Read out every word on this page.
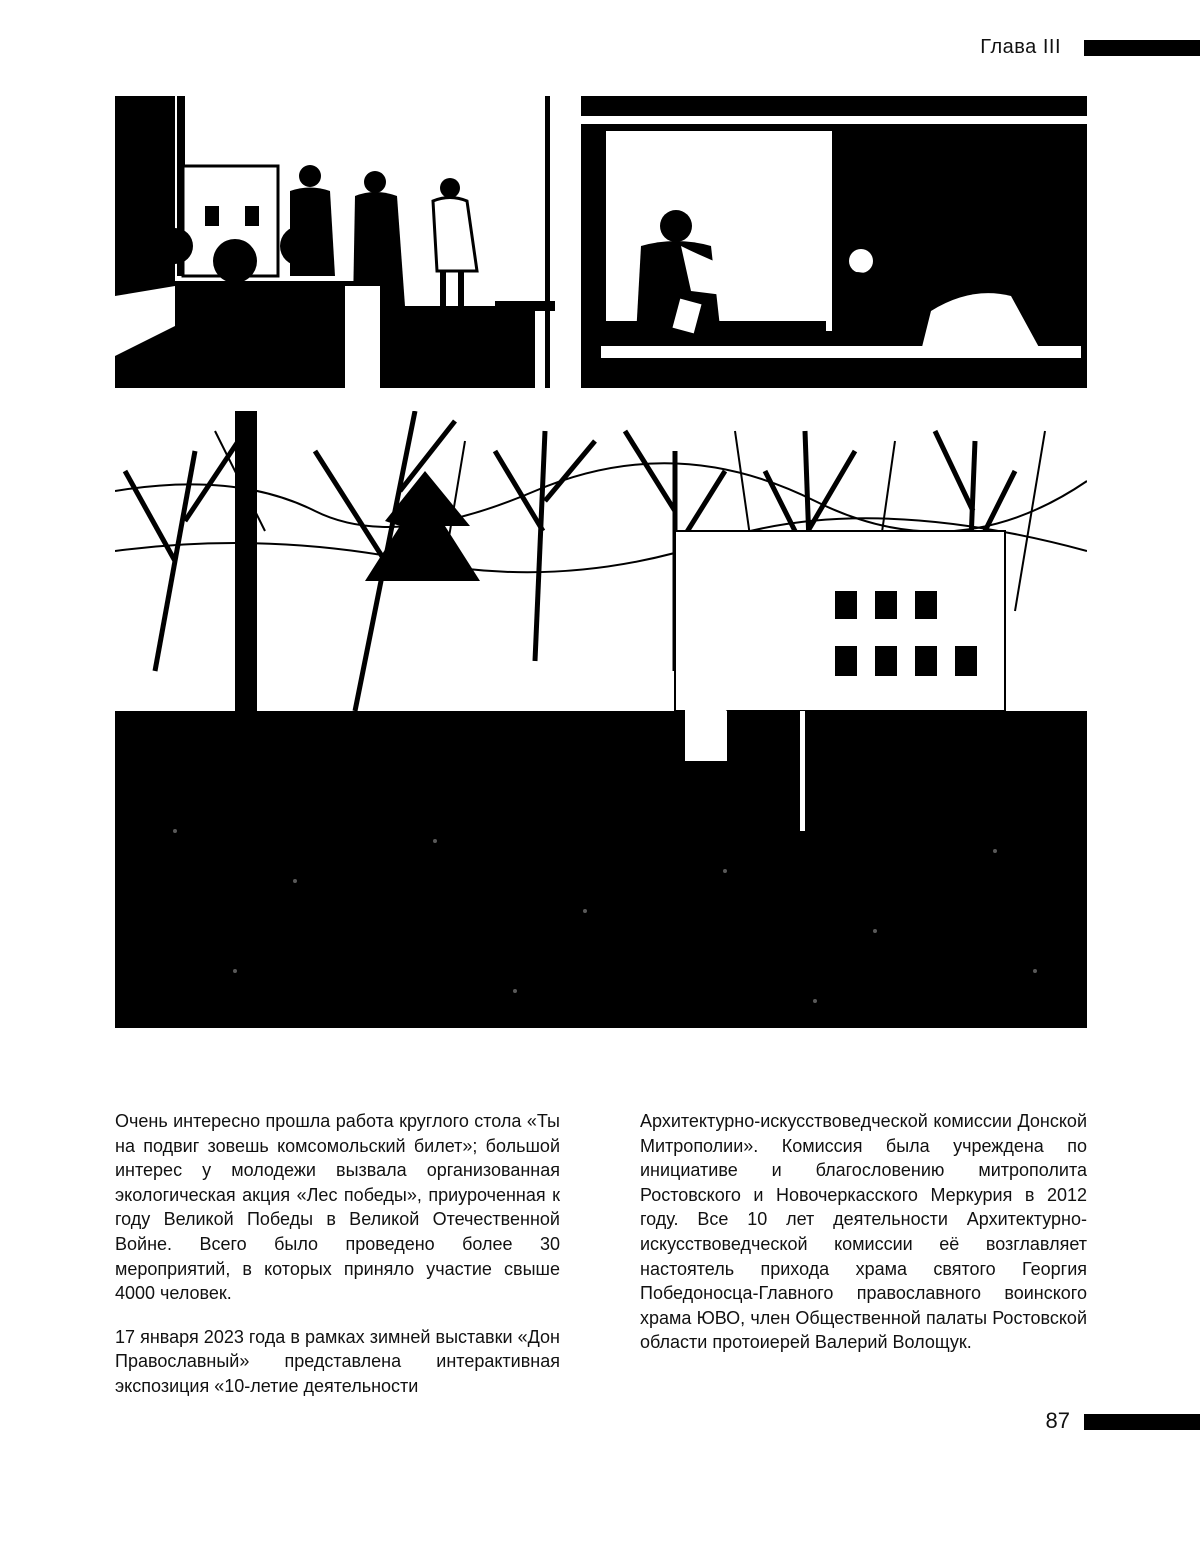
Глава III

Очень интересно прошла работа круглого стола «Ты на подвиг зовешь комсомольский билет»; большой интерес у молодежи вызвала организованная экологическая акция «Лес победы», приуроченная к году Великой Победы в Великой Отечественной Войне. Всего было проведено более 30 мероприятий, в которых приняло участие свыше 4000 человек.

17 января 2023 года в рамках зимней выставки «Дон Православный» представлена интерактивная экспозиция «10-летие деятельности

Архитектурно-искусствоведческой комиссии Донской Митрополии». Комиссия была учреждена по инициативе и благословению митрополита Ростовского и Новочеркасского Меркурия в 2012 году. Все 10 лет деятельности Архитектурно-искусствоведческой комиссии её возглавляет настоятель прихода храма святого Георгия Победоносца-Главного православного воинского храма ЮВО, член Общественной палаты Ростовской области протоиерей Валерий Волощук.

87
